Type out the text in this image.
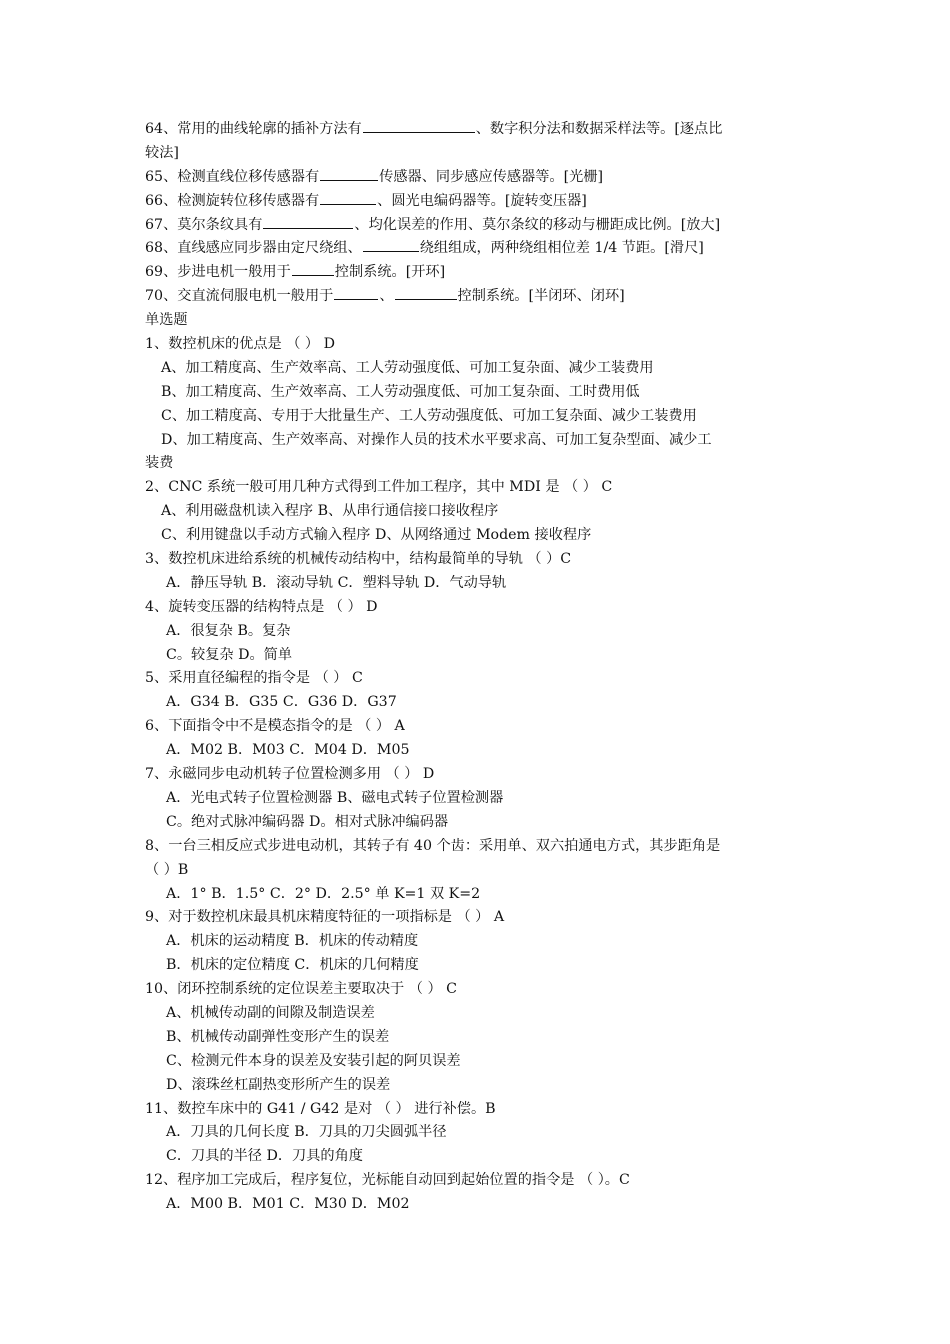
64、常用的曲线轮廓的插补方法有	、数字积分法和数据采样法等。[逐点比
较法]
65、检测直线位移传感器有	传感器、同步感应传感器等。[光栅]
66、检测旋转位移传感器有	、圆光电编码器等。[旋转变压器]
67、莫尔条纹具有	、均化误差的作用、莫尔条纹的移动与栅距成比例。[放大]
68、直线感应同步器由定尺绕组、	绕组组成，两种绕组相位差 1/4 节距。[滑尺]
69、步进电机一般用于	控制系统。[开环]
70、交直流伺服电机一般用于	、	控制系统。[半闭环、闭环]
单选题
1、数控机床的优点是 （ ） D
A、加工精度高、生产效率高、工人劳动强度低、可加工复杂面、减少工装费用
B、加工精度高、生产效率高、工人劳动强度低、可加工复杂面、工时费用低
C、加工精度高、专用于大批量生产、工人劳动强度低、可加工复杂面、减少工装费用
D、加工精度高、生产效率高、对操作人员的技术水平要求高、可加工复杂型面、减少工
装费
2、CNC 系统一般可用几种方式得到工件加工程序，其中 MDI 是 （ ） C
A、利用磁盘机读入程序 B、从串行通信接口接收程序
C、利用键盘以手动方式输入程序 D、从网络通过 Modem 接收程序
3、数控机床进给系统的机械传动结构中，结构最简单的导轨 （ ）C
A．静压导轨 B．滚动导轨 C．塑料导轨 D．气动导轨
4、旋转变压器的结构特点是 （ ） D
A．很复杂 B。复杂
C。较复杂 D。简单
5、采用直径编程的指令是 （ ） C
A．G34 B．G35 C．G36 D．G37
6、下面指令中不是模态指令的是 （ ） A
A．M02 B．M03 C．M04 D．M05
7、永磁同步电动机转子位置检测多用 （ ） D
A．光电式转子位置检测器 B、磁电式转子位置检测器
C。绝对式脉冲编码器 D。相对式脉冲编码器
8、一台三相反应式步进电动机，其转子有 40 个齿：采用单、双六拍通电方式，其步距角是
（ ）B
A．1° B．1.5° C．2° D．2.5° 单 K=1 双 K=2
9、对于数控机床最具机床精度特征的一项指标是 （ ） A
A．机床的运动精度 B．机床的传动精度
B．机床的定位精度 C．机床的几何精度
10、闭环控制系统的定位误差主要取决于 （ ） C
A、机械传动副的间隙及制造误差
B、机械传动副弹性变形产生的误差
C、检测元件本身的误差及安装引起的阿贝误差
D、滚珠丝杠副热变形所产生的误差
11、数控车床中的 G41 / G42 是对 （ ） 进行补偿。B
A．刀具的几何长度 B．刀具的刀尖圆弧半径
C．刀具的半径 D．刀具的角度
12、程序加工完成后，程序复位，光标能自动回到起始位置的指令是 （ ）。C
A．M00 B．M01 C．M30 D．M02
